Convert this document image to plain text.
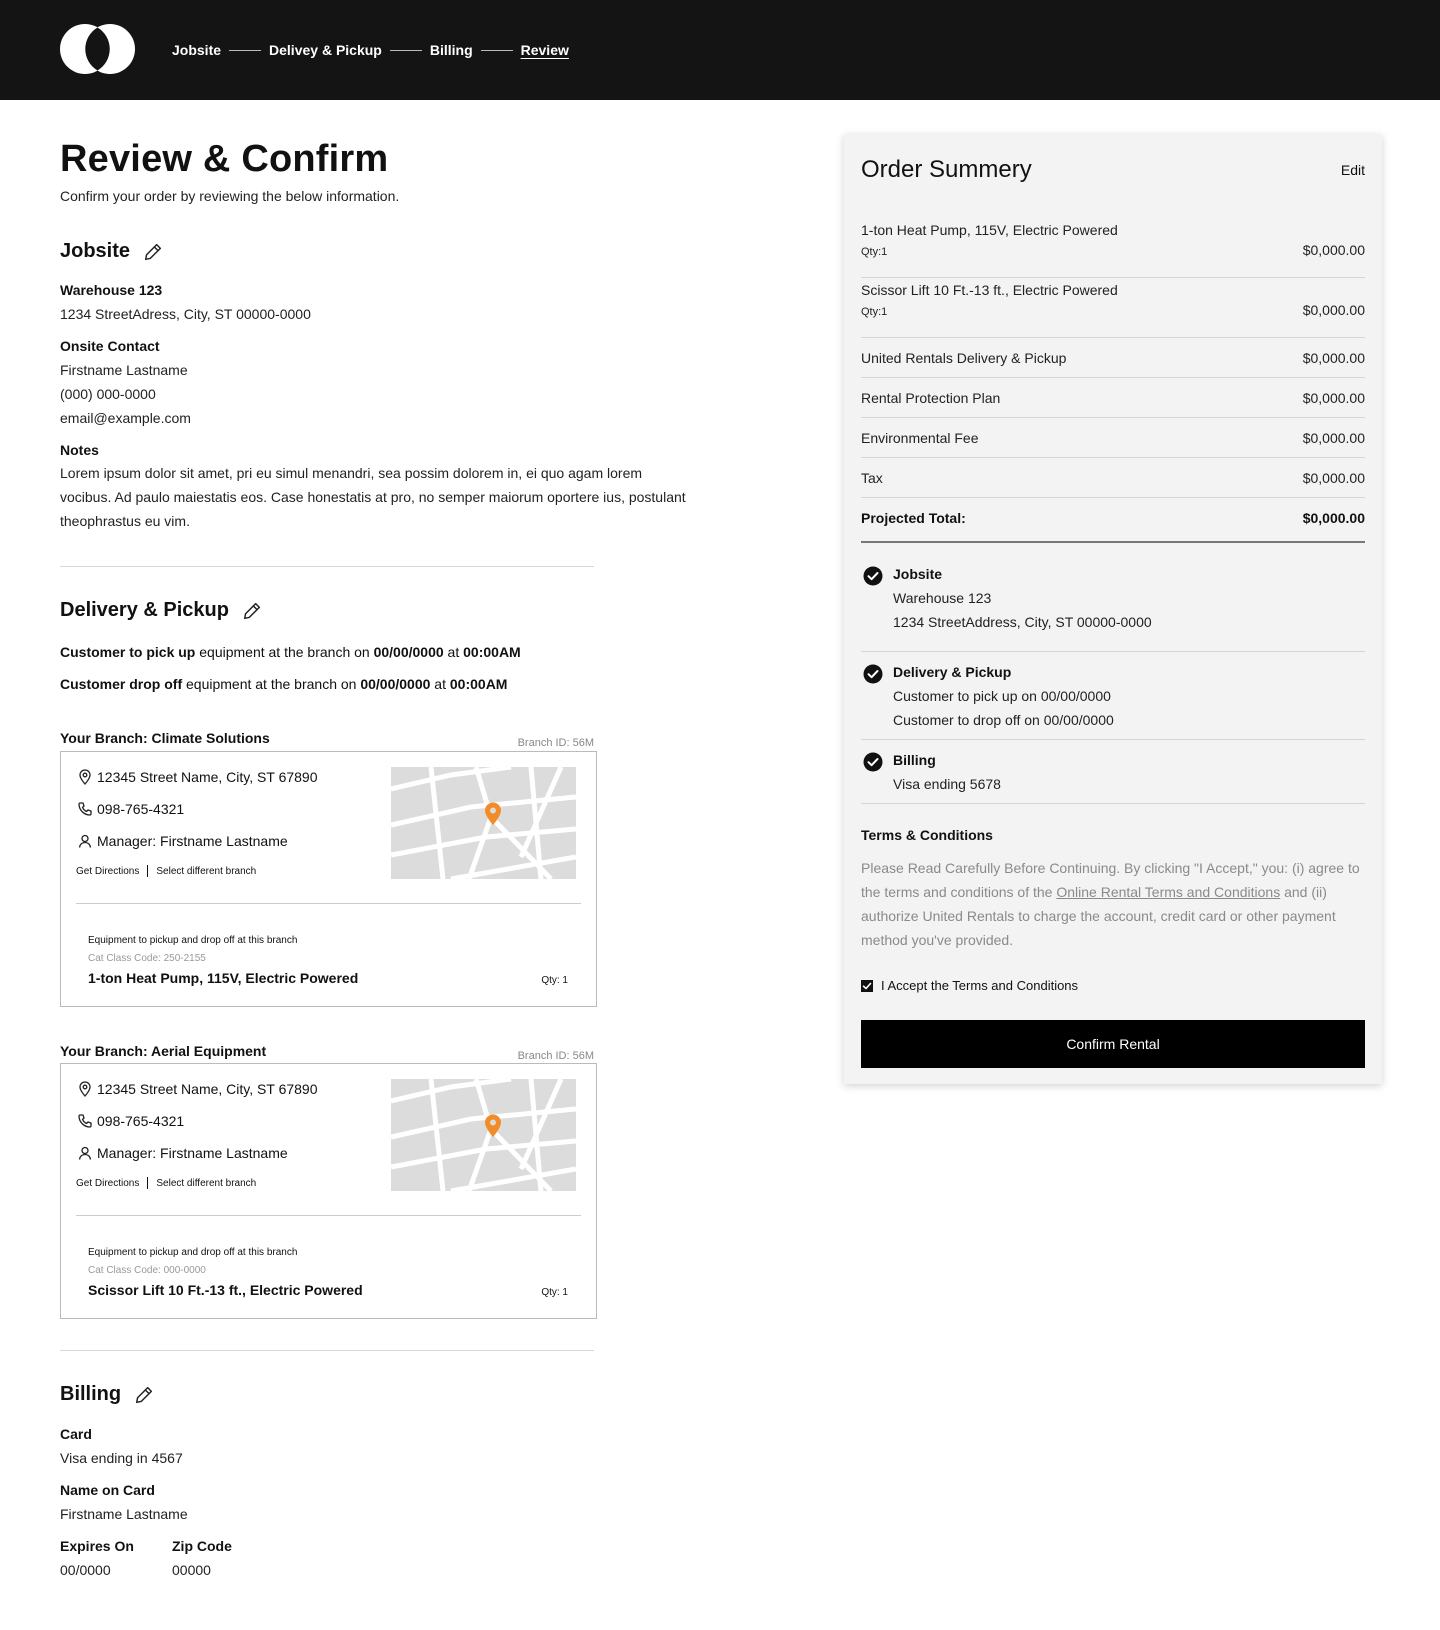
Jobsite	Delivey & Pickup	Billing	Review
Review & Confirm

Confirm your order by reviewing the below information.

Jobsite
Warehouse 123
1234 StreetAdress, City, ST 00000-0000
Onsite Contact
Firstname Lastname
(000) 000-0000
email@example.com
Notes
Lorem ipsum dolor sit amet, pri eu simul menandri, sea possim dolorem in, ei quo agam lorem vocibus. Ad paulo maiestatis eos. Case honestatis at pro, no semper maiorum oportere ius, postulant theophrastus eu vim.
Delivery & Pickup
Customer to pick up equipment at the branch on 00/00/0000 at 00:00AM
Customer drop off equipment at the branch on 00/00/0000 at 00:00AM
Your Branch: Climate Solutions	Branch ID: 56M
12345 Street Name, City, ST 67890
098-765-4321
Manager: Firstname Lastname
Get Directions Select different branch
Equipment to pickup and drop off at this branch
Cat Class Code: 250-2155
1-ton Heat Pump, 115V, Electric Powered	Qty: 1
Your Branch: Aerial Equipment	Branch ID: 56M
12345 Street Name, City, ST 67890
098-765-4321
Manager: Firstname Lastname
Get Directions Select different branch
Equipment to pickup and drop off at this branch
Cat Class Code: 000-0000
Scissor Lift 10 Ft.-13 ft., Electric Powered	Qty: 1
Billing
Card
Visa ending in 4567
Name on Card
Firstname Lastname
Expires On
00/0000
Zip Code
00000
Order Summery	Edit
1-ton Heat Pump, 115V, Electric Powered
Qty:1	$0,000.00
Scissor Lift 10 Ft.-13 ft., Electric Powered
Qty:1	$0,000.00
United Rentals Delivery & Pickup	$0,000.00
Rental Protection Plan	$0,000.00
Environmental Fee	$0,000.00
Tax	$0,000.00
Projected Total:	$0,000.00
Jobsite
Warehouse 123
1234 StreetAddress, City, ST 00000-0000
Delivery & Pickup
Customer to pick up on 00/00/0000
Customer to drop off on 00/00/0000
Billing
Visa ending 5678
Terms & Conditions
Please Read Carefully Before Continuing. By clicking "I Accept," you: (i) agree to the terms and conditions of the Online Rental Terms and Conditions and (ii) authorize United Rentals to charge the account, credit card or other payment method you've provided.
I Accept the Terms and Conditions
Confirm Rental
